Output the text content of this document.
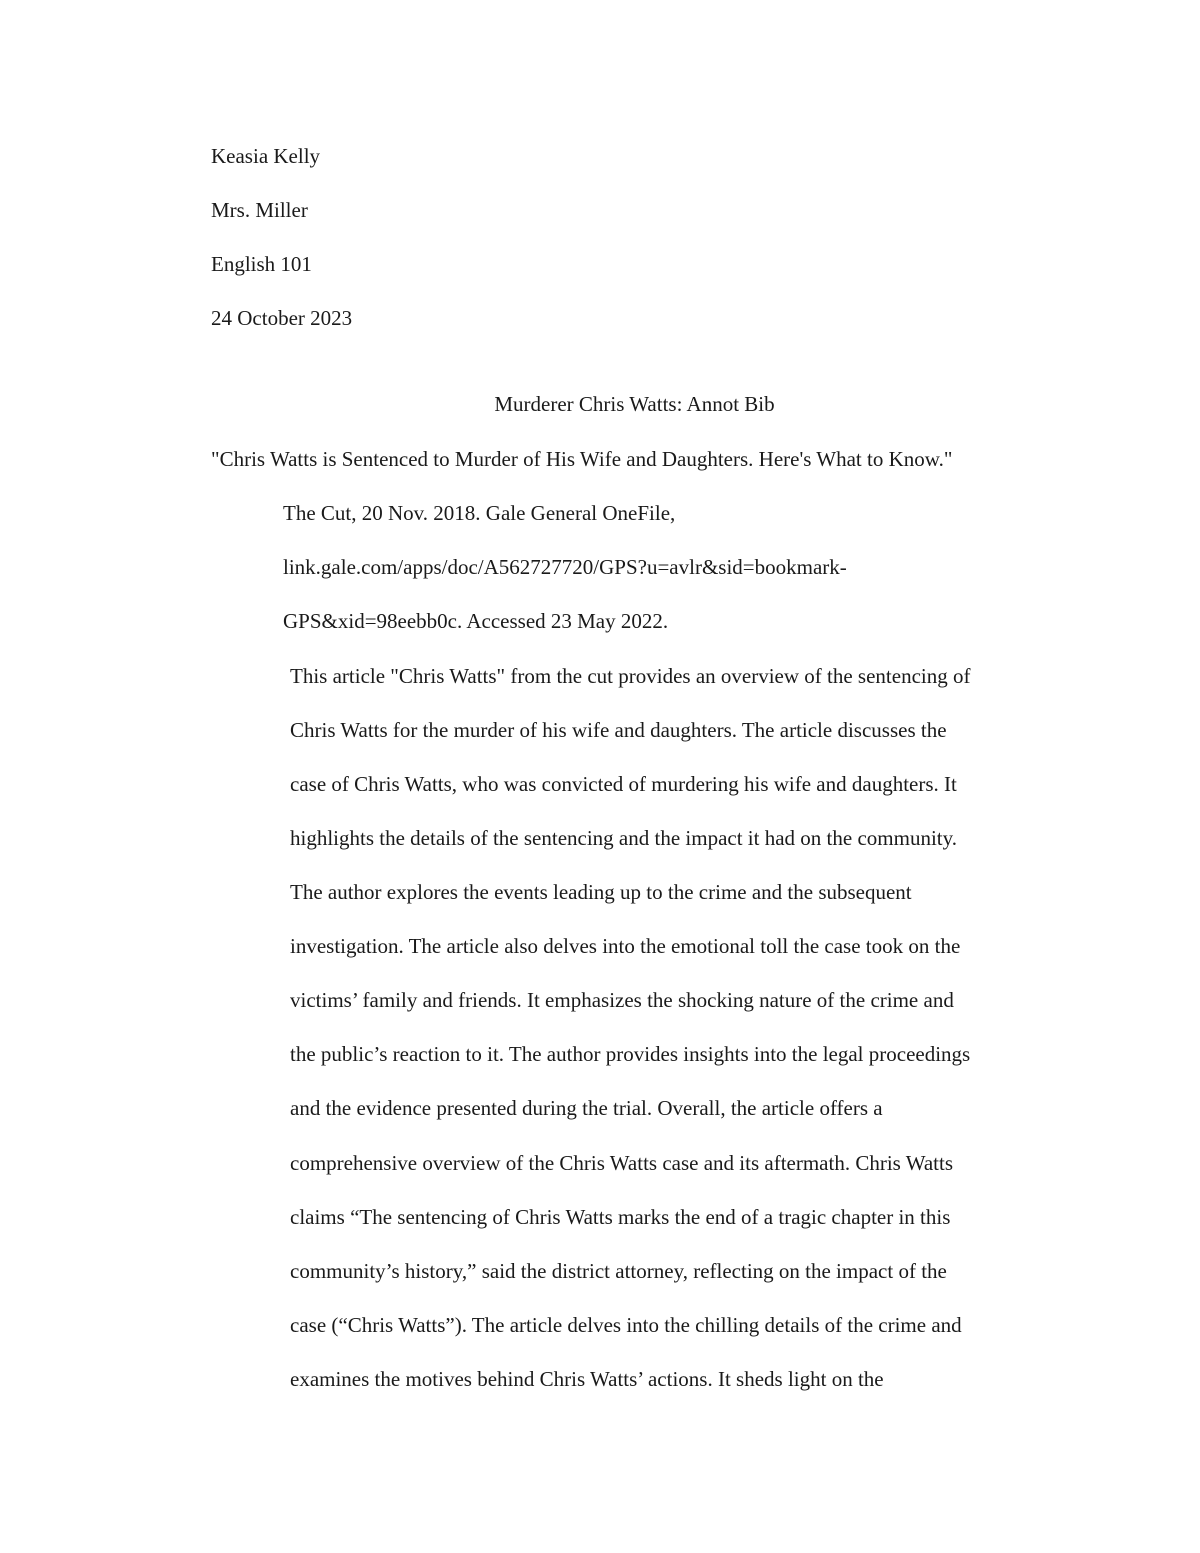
Keasia Kelly
Mrs. Miller
English 101
24 October 2023
Murderer Chris Watts: Annot Bib
"Chris Watts is Sentenced to Murder of His Wife and Daughters. Here's What to Know."
The Cut, 20 Nov. 2018. Gale General OneFile,
link.gale.com/apps/doc/A562727720/GPS?u=avlr&sid=bookmark-
GPS&xid=98eebb0c. Accessed 23 May 2022.
This article "Chris Watts" from the cut provides an overview of the sentencing of
Chris Watts for the murder of his wife and daughters. The article discusses the
case of Chris Watts, who was convicted of murdering his wife and daughters. It
highlights the details of the sentencing and the impact it had on the community.
The author explores the events leading up to the crime and the subsequent
investigation. The article also delves into the emotional toll the case took on the
victims’ family and friends. It emphasizes the shocking nature of the crime and
the public’s reaction to it. The author provides insights into the legal proceedings
and the evidence presented during the trial. Overall, the article offers a
comprehensive overview of the Chris Watts case and its aftermath. Chris Watts
claims “The sentencing of Chris Watts marks the end of a tragic chapter in this
community’s history,” said the district attorney, reflecting on the impact of the
case (“Chris Watts”). The article delves into the chilling details of the crime and
examines the motives behind Chris Watts’ actions. It sheds light on the
